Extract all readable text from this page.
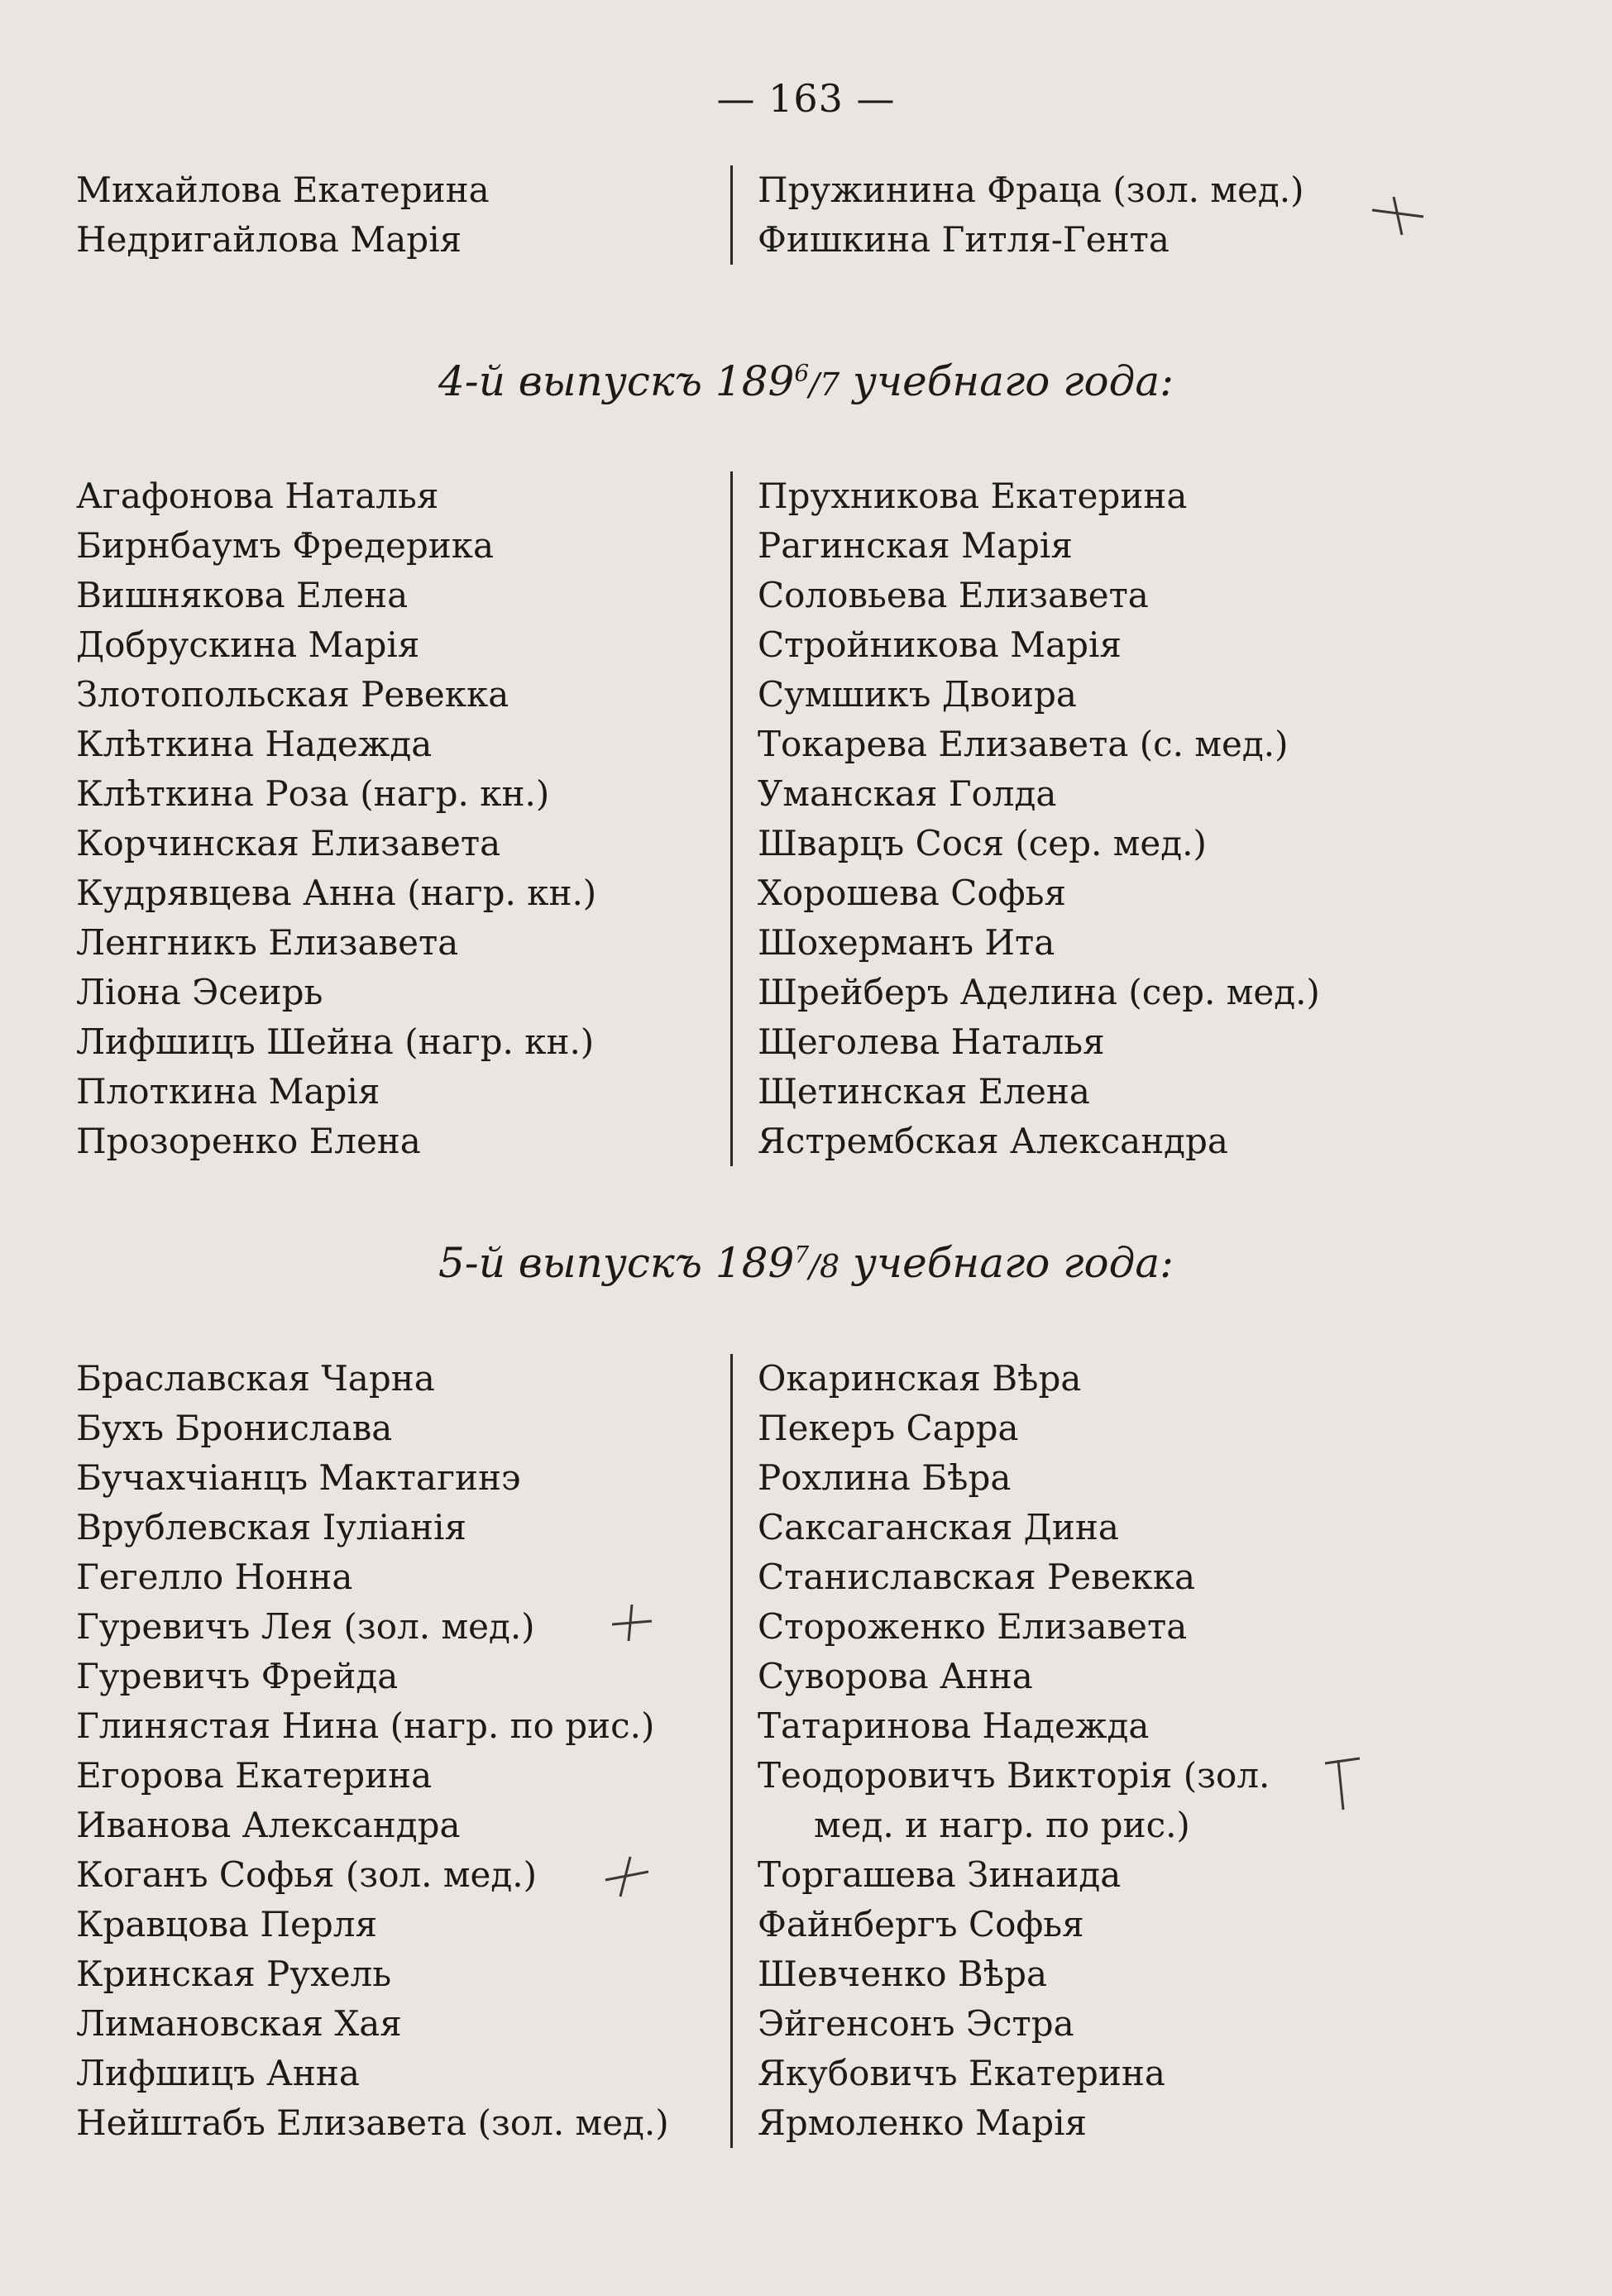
— 163 —
Михайлова Екатерина
Недригайлова Марія
Пружинина Фраца (зол. мед.)
Фишкина Гитля-Гента
4-й выпускъ $189^6/7$ учебнаго года:
Агафонова Наталья
Бирнбаумъ Фредерика
Вишнякова Елена
Добрускина Марія
Злотопольская Ревекка
Клѣткина Надежда
Клѣткина Роза (нагр. кн.)
Корчинская Елизавета
Кудрявцева Анна (нагр. кн.)
Ленгникъ Елизавета
Ліона Эсеирь
Лифшицъ Шейна (нагр. кн.)
Плоткина Марія
Прозоренко Елена
Прухникова Екатерина
Рагинская Марія
Соловьева Елизавета
Стройникова Марія
Сумшикъ Двоира
Токарева Елизавета (с. мед.)
Уманская Голда
Шварцъ Сося (сер. мед.)
Хорошева Софья
Шохерманъ Ита
Шрейберъ Аделина (сер. мед.)
Щеголева Наталья
Щетинская Елена
Ястрембская Александра
5-й выпускъ $189^7/8$ учебнаго года:
Браславская Чарна
Бухъ Бронислава
Бучахчіанцъ Мактагинэ
Врублевская Іуліанія
Гегелло Нонна
Гуревичъ Лея (зол. мед.)
Гуревичъ Фрейда
Глинястая Нина (нагр. по рис.)
Егорова Екатерина
Иванова Александра
Коганъ Софья (зол. мед.)
Кравцова Перля
Кринская Рухель
Лимановская Хая
Лифшицъ Анна
Нейштабъ Елизавета (зол. мед.)
Окаринская Вѣра
Пекеръ Сарра
Рохлина Бѣра
Саксаганская Дина
Станиславская Ревекка
Стороженко Елизавета
Суворова Анна
Татаринова Надежда
Теодоровичъ Викторія (зол.
мед. и нагр. по рис.)
Торгашева Зинаида
Файнбергъ Софья
Шевченко Вѣра
Эйгенсонъ Эстра
Якубовичъ Екатерина
Ярмоленко Марія
